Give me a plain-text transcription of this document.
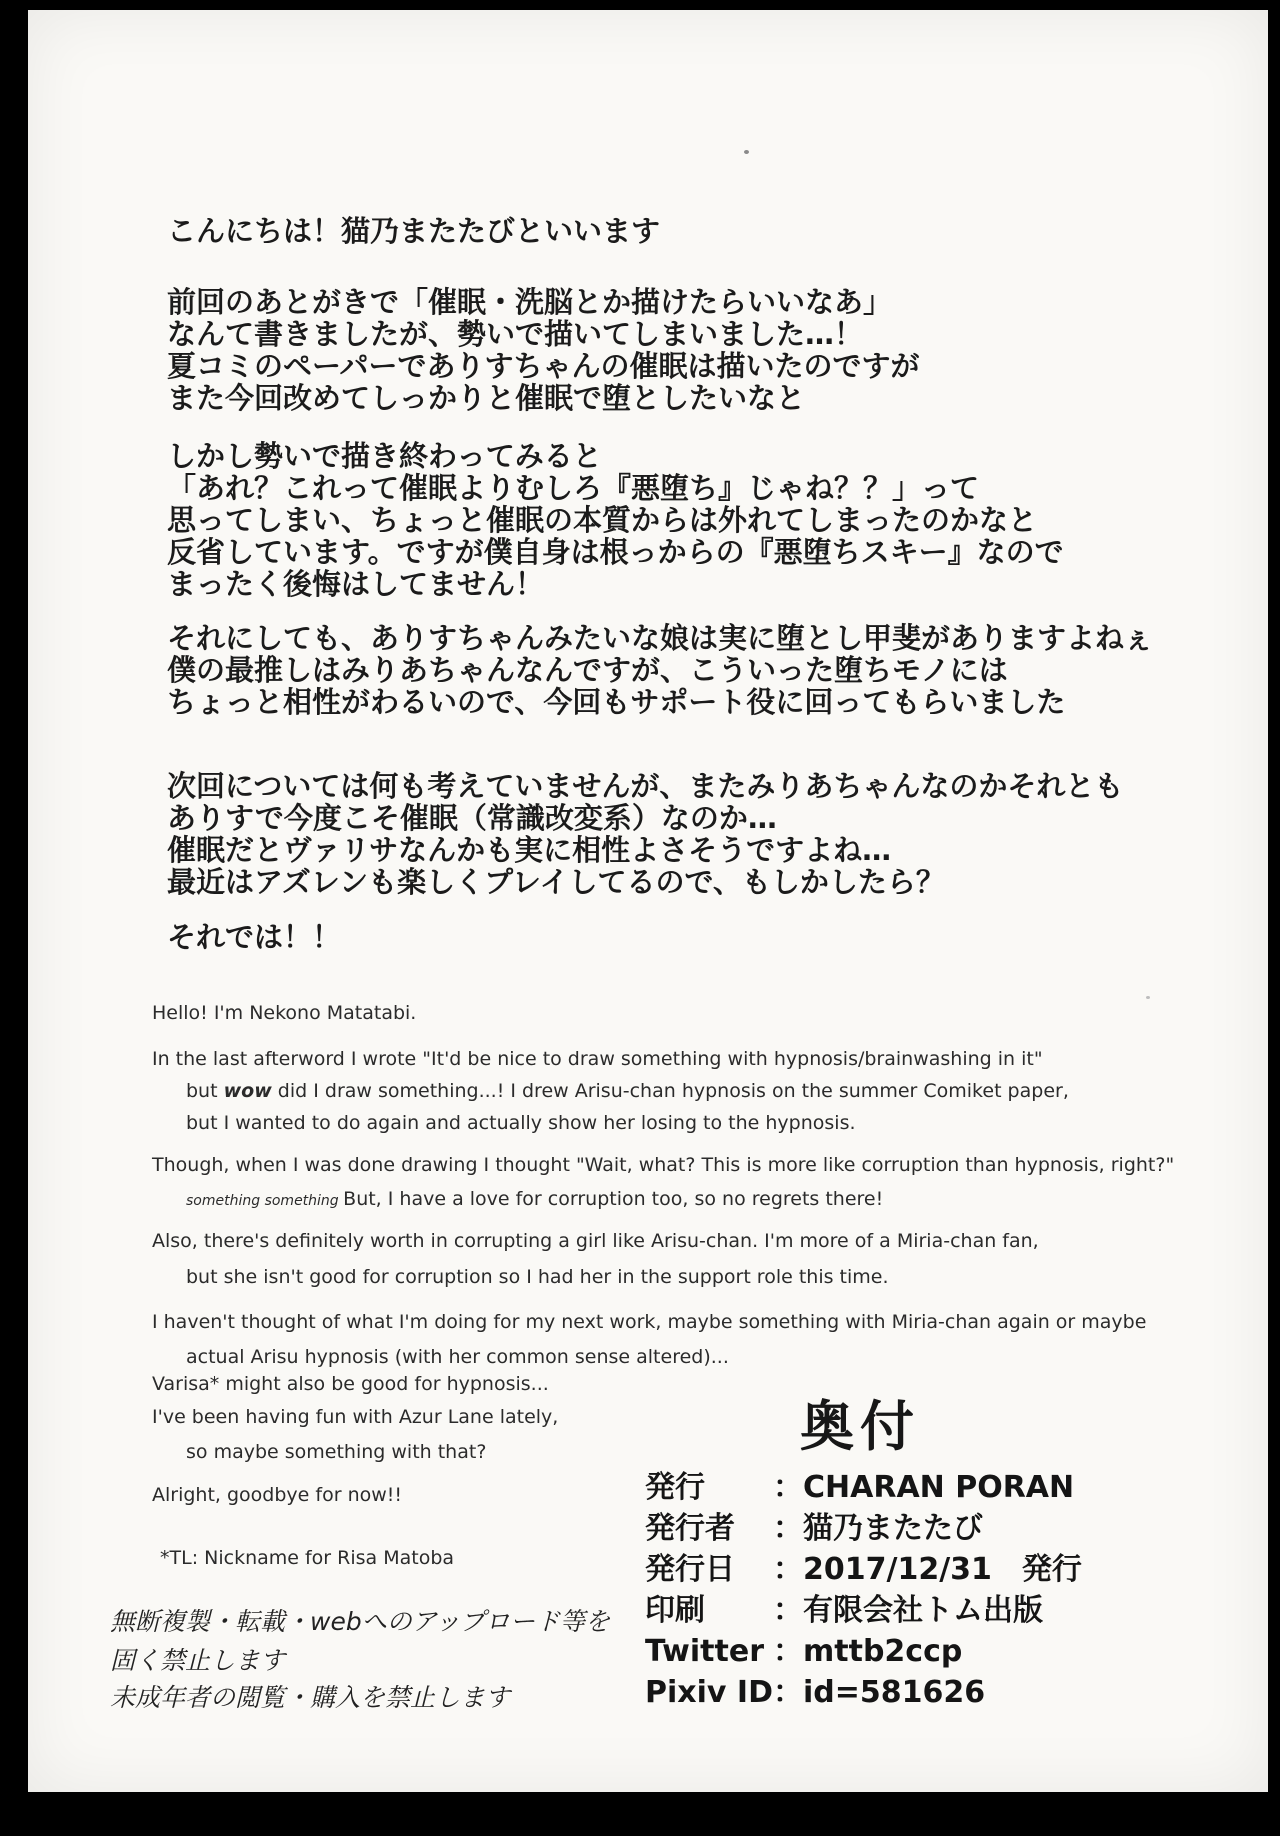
こんにちは！猫乃またたびといいます
前回のあとがきで「催眠・洗脳とか描けたらいいなあ」
なんて書きましたが、勢いで描いてしまいました…！
夏コミのペーパーでありすちゃんの催眠は描いたのですが
また今回改めてしっかりと催眠で堕としたいなと
しかし勢いで描き終わってみると
「あれ？これって催眠よりむしろ『悪堕ち』じゃね？？」って
思ってしまい、ちょっと催眠の本質からは外れてしまったのかなと
反省しています。ですが僕自身は根っからの『悪堕ちスキー』なので
まったく後悔はしてません！
それにしても、ありすちゃんみたいな娘は実に堕とし甲斐がありますよねぇ
僕の最推しはみりあちゃんなんですが、こういった堕ちモノには
ちょっと相性がわるいので、今回もサポート役に回ってもらいました
次回については何も考えていませんが、またみりあちゃんなのかそれとも
ありすで今度こそ催眠（常識改変系）なのか…
催眠だとヴァリサなんかも実に相性よさそうですよね…
最近はアズレンも楽しくプレイしてるので、もしかしたら？
それでは！！
Hello! I'm Nekono Matatabi.
In the last afterword I wrote "It'd be nice to draw something with hypnosis/brainwashing in it"
but wow did I draw something...! I drew Arisu-chan hypnosis on the summer Comiket paper,
but I wanted to do again and actually show her losing to the hypnosis.
Though, when I was done drawing I thought "Wait, what? This is more like corruption than hypnosis, right?"
something something But, I have a love for corruption too, so no regrets there!
Also, there's definitely worth in corrupting a girl like Arisu-chan. I'm more of a Miria-chan fan,
but she isn't good for corruption so I had her in the support role this time.
I haven't thought of what I'm doing for my next work, maybe something with Miria-chan again or maybe
actual Arisu hypnosis (with her common sense altered)...
Varisa* might also be good for hypnosis...
I've been having fun with Azur Lane lately,
so maybe something with that?
Alright, goodbye for now!!
*TL: Nickname for Risa Matoba
奥付
発行	： CHARAN PORAN
発行者	： 猫乃またたび
発行日	： 2017/12/31　発行
印刷	： 有限会社トム出版
Twitter ： mttb2ccp
Pixiv ID ： id=581626
無断複製・転載・webへのアップロード等を
固く禁止します
未成年者の閲覧・購入を禁止します
